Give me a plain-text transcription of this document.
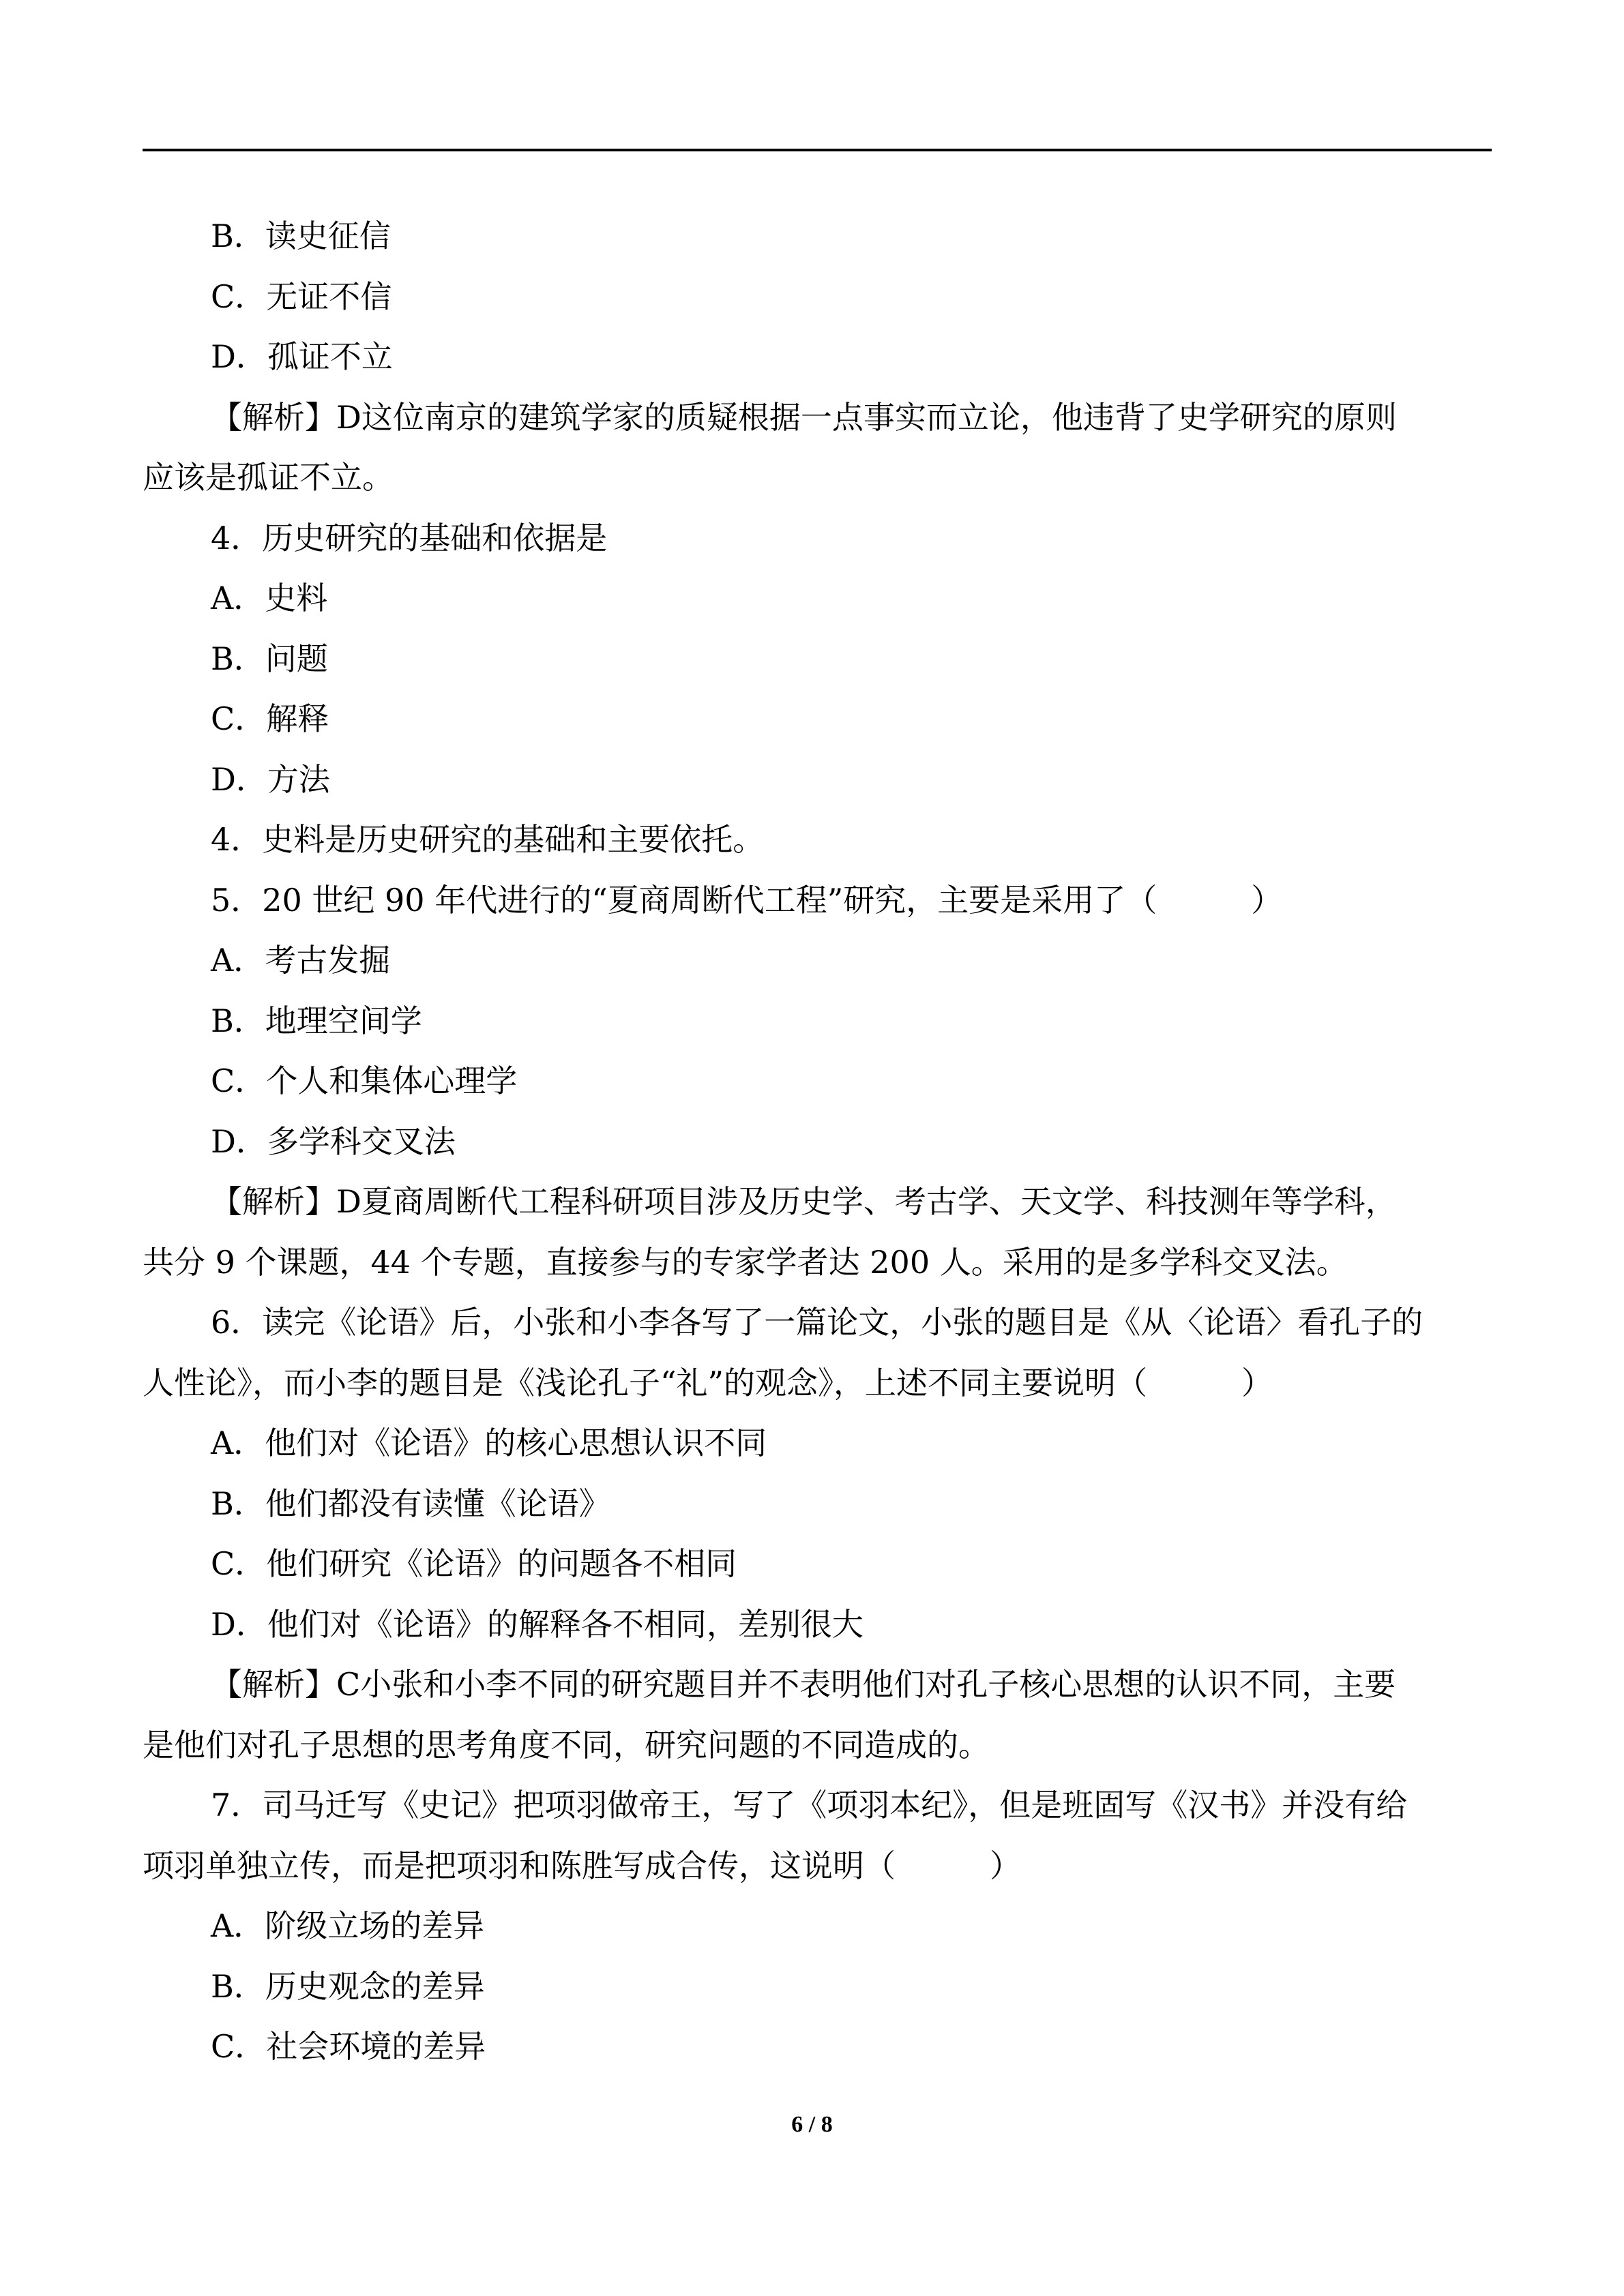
B．读史征信
C．无证不信
D．孤证不立
【解析】D这位南京的建筑学家的质疑根据一点事实而立论，他违背了史学研究的原则
应该是孤证不立。
4．历史研究的基础和依据是
A．史料
B．问题
C．解释
D．方法
4．史料是历史研究的基础和主要依托。
5．20 世纪 90 年代进行的“夏商周断代工程”研究，主要是采用了（　　　）
A．考古发掘
B．地理空间学
C．个人和集体心理学
D．多学科交叉法
【解析】D夏商周断代工程科研项目涉及历史学、考古学、天文学、科技测年等学科，
共分 9 个课题，44 个专题，直接参与的专家学者达 200 人。采用的是多学科交叉法。
6．读完《论语》后，小张和小李各写了一篇论文，小张的题目是《从〈论语〉看孔子的
人性论》，而小李的题目是《浅论孔子“礼”的观念》，上述不同主要说明（　　　）
A．他们对《论语》的核心思想认识不同
B．他们都没有读懂《论语》
C．他们研究《论语》的问题各不相同
D．他们对《论语》的解释各不相同，差别很大
【解析】C小张和小李不同的研究题目并不表明他们对孔子核心思想的认识不同，主要
是他们对孔子思想的思考角度不同，研究问题的不同造成的。
7．司马迁写《史记》把项羽做帝王，写了《项羽本纪》，但是班固写《汉书》并没有给
项羽单独立传，而是把项羽和陈胜写成合传，这说明（　　　）
A．阶级立场的差异
B．历史观念的差异
C．社会环境的差异
6 / 8
